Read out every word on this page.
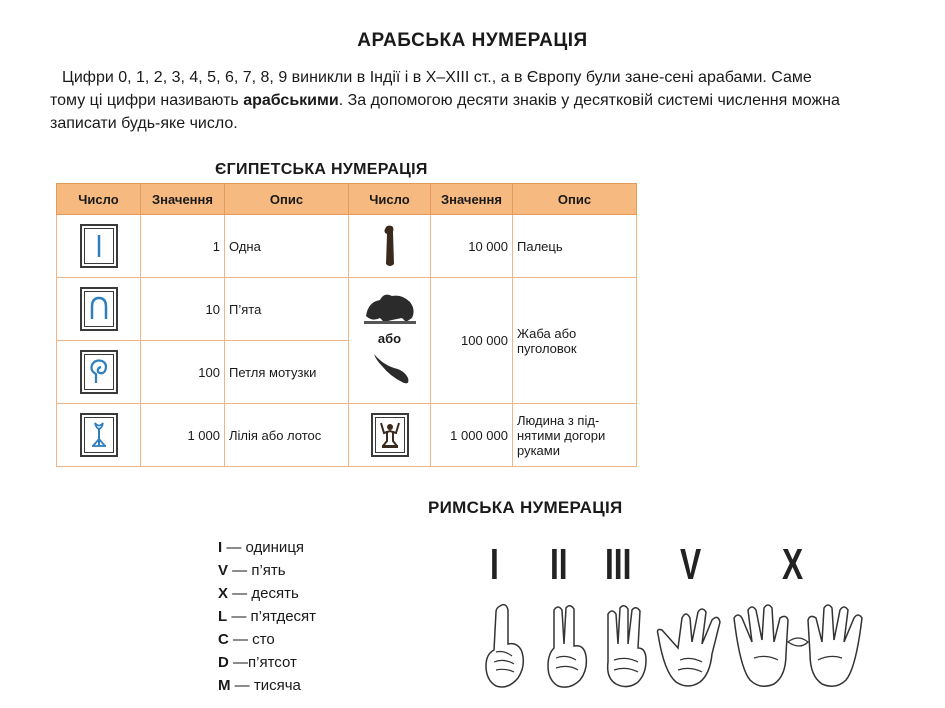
АРАБСЬКА НУМЕРАЦІЯ
Цифри 0, 1, 2, 3, 4, 5, 6, 7, 8, 9 виникли в Індії і в X–XIII ст., а в Європу були зане-сені арабами. Саме тому ці цифри називають арабськими. За допомогою десяти знаків у десятковій системі числення можна записати будь-яке число.
ЄГИПЕТСЬКА НУМЕРАЦІЯ
Число	Значення	Опис	Число	Значення	Опис

	1	Одна		10 000	Палець

	10	П’ята	або	100 000	Жаба або пуголовок

	100	Петля мотузки			

	1 000	Лілія або лотос		1 000 000	Людина з під-нятими догори руками
РИМСЬКА НУМЕРАЦІЯ
I — одиниця
V — п’ять
X — десять
L — п’ятдесят
C — сто
D —п’ятсот
M — тисяча
I II III V X
